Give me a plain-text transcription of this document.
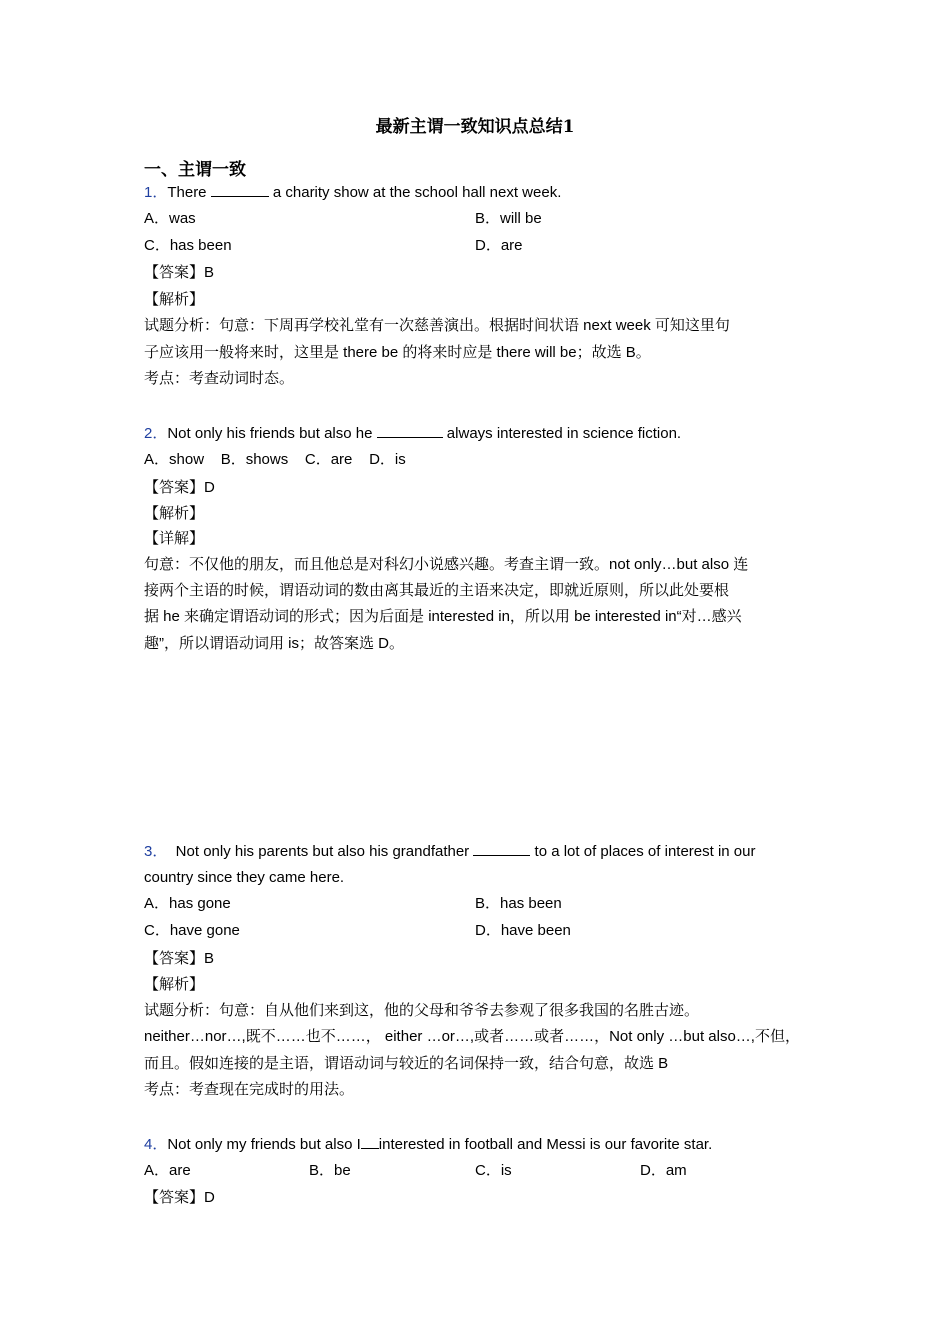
最新主谓一致知识点总结1
一、主谓一致
1．There	a charity show at the school hall next week.
A．was	B．will be
C．has been	D．are
【答案】B
【解析】
试题分析：句意：下周再学校礼堂有一次慈善演出。根据时间状语 next week 可知这里句
子应该用一般将来时，这里是 there be 的将来时应是 there will be；故选 B。
考点：考查动词时态。
2．Not only his friends but also he	always interested in science fiction.
A．show    B．shows    C．are    D．is
【答案】D
【解析】
【详解】
句意：不仅他的朋友，而且他总是对科幻小说感兴趣。考查主谓一致。not only…but also 连
接两个主语的时候，谓语动词的数由离其最近的主语来决定，即就近原则，所以此处要根
据 he 来确定谓语动词的形式；因为后面是 interested in，所以用 be interested in“对…感兴
趣”，所以谓语动词用 is；故答案选 D。
3．  Not only his parents but also his grandfather	to a lot of places of interest in our
country since they came here.
A．has gone	B．has been
C．have gone	D．have been
【答案】B
【解析】
试题分析：句意：自从他们来到这，他的父母和爷爷去参观了很多我国的名胜古迹。
neither…nor…,既不……也不……， either …or…,或者……或者……，Not only …but also…,不但，
而且。假如连接的是主语，谓语动词与较近的名词保持一致，结合句意，故选 B
考点：考查现在完成时的用法。
4．Not only my friends but also I interested in football and Messi is our favorite star.
A．are	B．be	C．is	D．am
【答案】D
